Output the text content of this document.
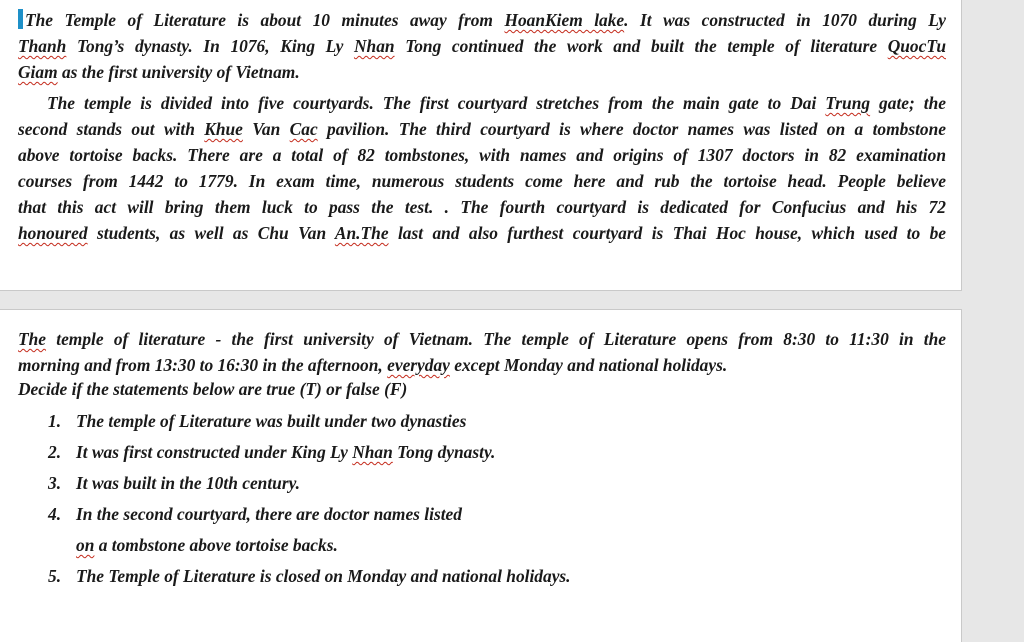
The Temple of Literature is about 10 minutes away from HoanKiem lake. It was constructed in 1070 during Ly
Thanh Tong’s dynasty. In 1076, King Ly Nhan Tong continued the work and built the temple of literature QuocTu
Giam as the first university of Vietnam.
The temple is divided into five courtyards. The first courtyard stretches from the main gate to Dai Trung gate; the
second stands out with Khue Van Cac pavilion. The third courtyard is where doctor names was listed on a tombstone
above tortoise backs. There are a total of 82 tombstones, with names and origins of 1307 doctors in 82 examination
courses from 1442 to 1779. In exam time, numerous students come here and rub the tortoise head. People believe
that this act will bring them luck to pass the test. . The fourth courtyard is dedicated for Confucius and his 72
honoured students, as well as Chu Van An.The last and also furthest courtyard is Thai Hoc house, which used to be
The temple of literature - the first university of Vietnam. The temple of Literature opens from 8:30 to 11:30 in the
morning and from 13:30 to 16:30 in the afternoon, everyday except Monday and national holidays.
Decide if the statements below are true (T) or false (F)
1. The temple of Literature was built under two dynasties
2. It was first constructed under King Ly Nhan Tong dynasty.
3. It was built in the 10th century.
4. In the second courtyard, there are doctor names listed
on a tombstone above tortoise backs.
5. The Temple of Literature is closed on Monday and national holidays.
